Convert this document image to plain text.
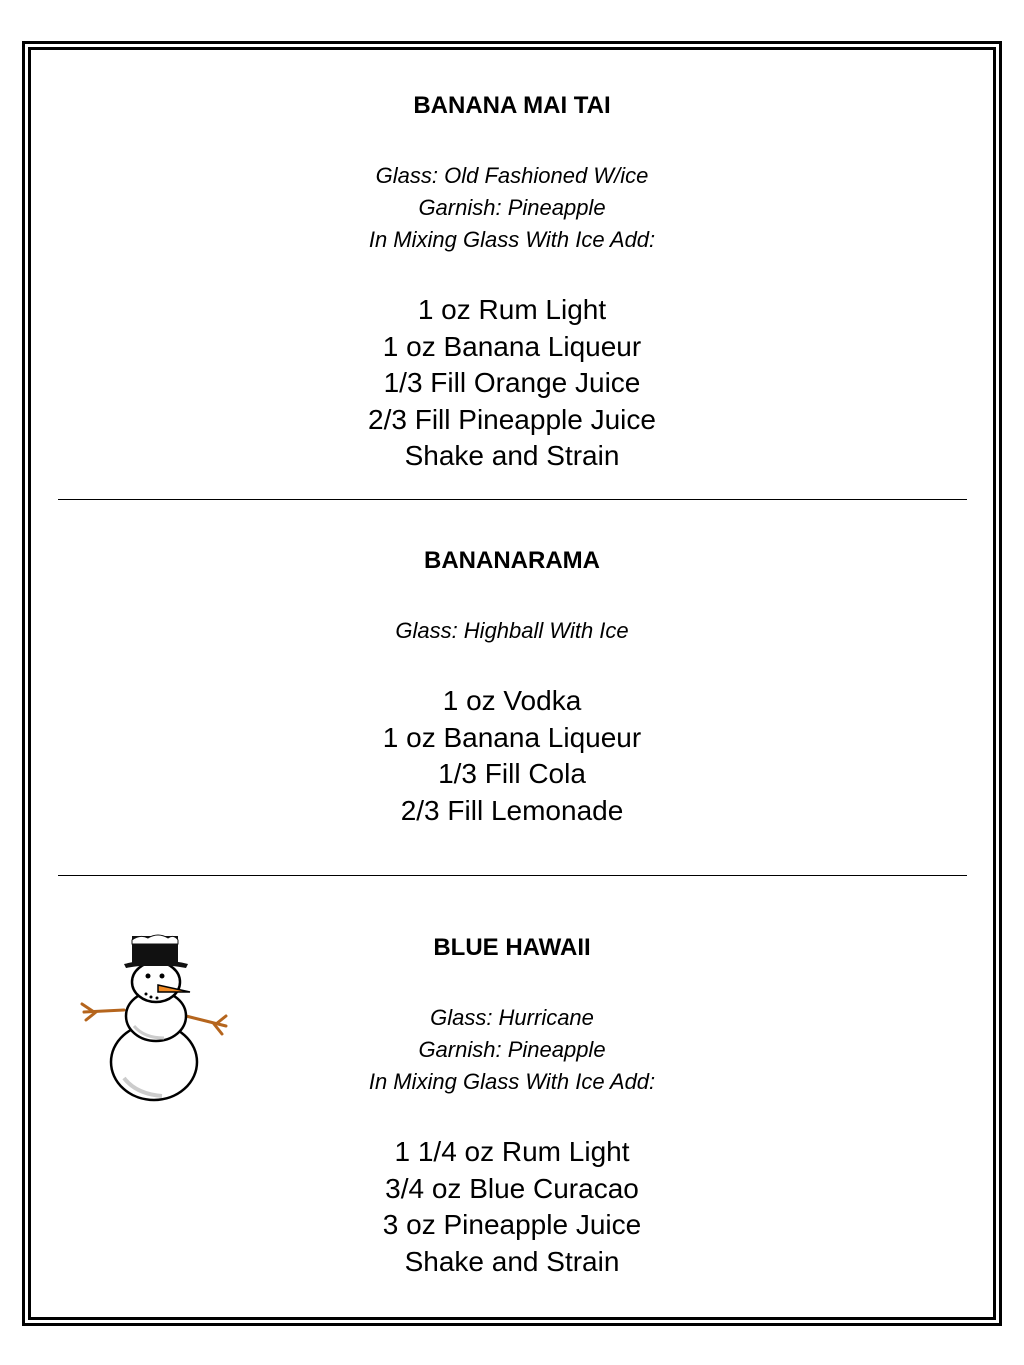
BANANA MAI TAI
Glass: Old Fashioned W/ice
Garnish: Pineapple
In Mixing Glass With Ice Add:
1 oz Rum Light
1 oz Banana Liqueur
1/3 Fill Orange Juice
2/3 Fill Pineapple Juice
Shake and Strain
BANANARAMA
Glass: Highball With Ice
1 oz Vodka
1 oz Banana Liqueur
1/3 Fill Cola
2/3 Fill Lemonade
BLUE HAWAII
Glass: Hurricane
Garnish: Pineapple
In Mixing Glass With Ice Add:
1 1/4 oz Rum Light
3/4 oz Blue Curacao
3 oz Pineapple Juice
Shake and Strain
